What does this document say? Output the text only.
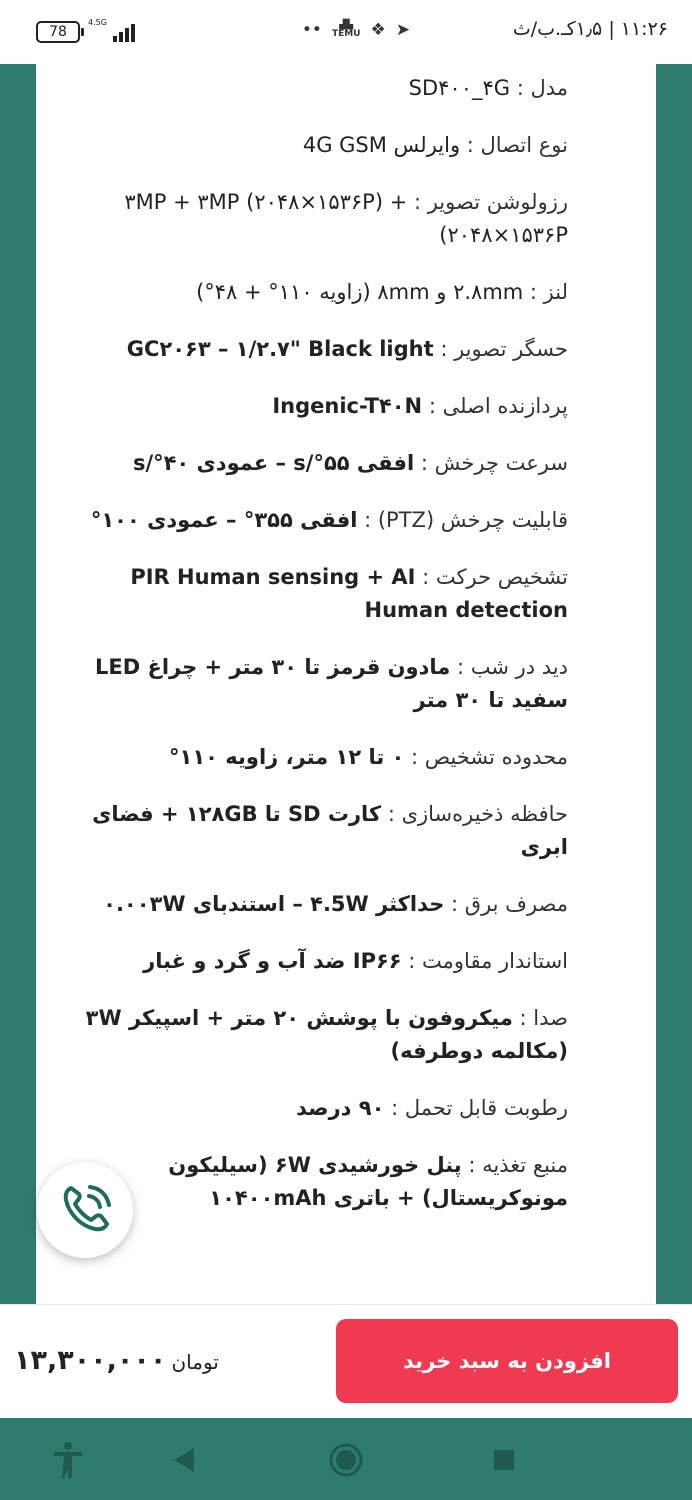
78
4.5G	••	▟▙
TEMU ❖ ➤	۱۱:۲۶ | ۱٫۵کـ.ب/ث
مدل : SD۴۰۰_۴G
نوع اتصال : وایرلس 4G GSM
رزولوشن تصویر : ۳MP + ۳MP (۲۰۴۸×۱۵۳۶P) + ۲۰۴۸×۱۵۳۶P)
لنز : ۲.۸mm و ۸mm (زاویه ۱۱۰° + ۴۸°)
حسگر تصویر : GC۲۰۶۳ – ۱/۲.۷" Black light
پردازنده اصلی : Ingenic-T۴۰N
سرعت چرخش : افقی ۵۵°/s – عمودی ۴۰°/s
قابلیت چرخش (PTZ) : افقی ۳۵۵° – عمودی ۱۰۰°
تشخیص حرکت : PIR Human sensing + AI Human detection
دید در شب : مادون قرمز تا ۳۰ متر + چراغ LED سفید تا ۳۰ متر
محدوده تشخیص : ۰ تا ۱۲ متر، زاویه ۱۱۰°
حافظه ذخیره‌سازی : کارت SD تا ۱۲۸GB + فضای ابری
مصرف برق : حداکثر ۴.5W – استندبای ۰.۰۰۳W
استاندار مقاومت : IP۶۶ ضد آب و گرد و غبار
صدا : میکروفون با پوشش ۲۰ متر + اسپیکر ۳W (مکالمه دوطرفه)
رطوبت قابل تحمل : ۹۰ درصد
منبع تغذیه : پنل خورشیدی ۶W (سیلیکون مونوکریستال) + باتری ۱۰۴۰۰mAh
افزودن به سبد خرید
تومان ۱۳,۳۰۰,۰۰۰
